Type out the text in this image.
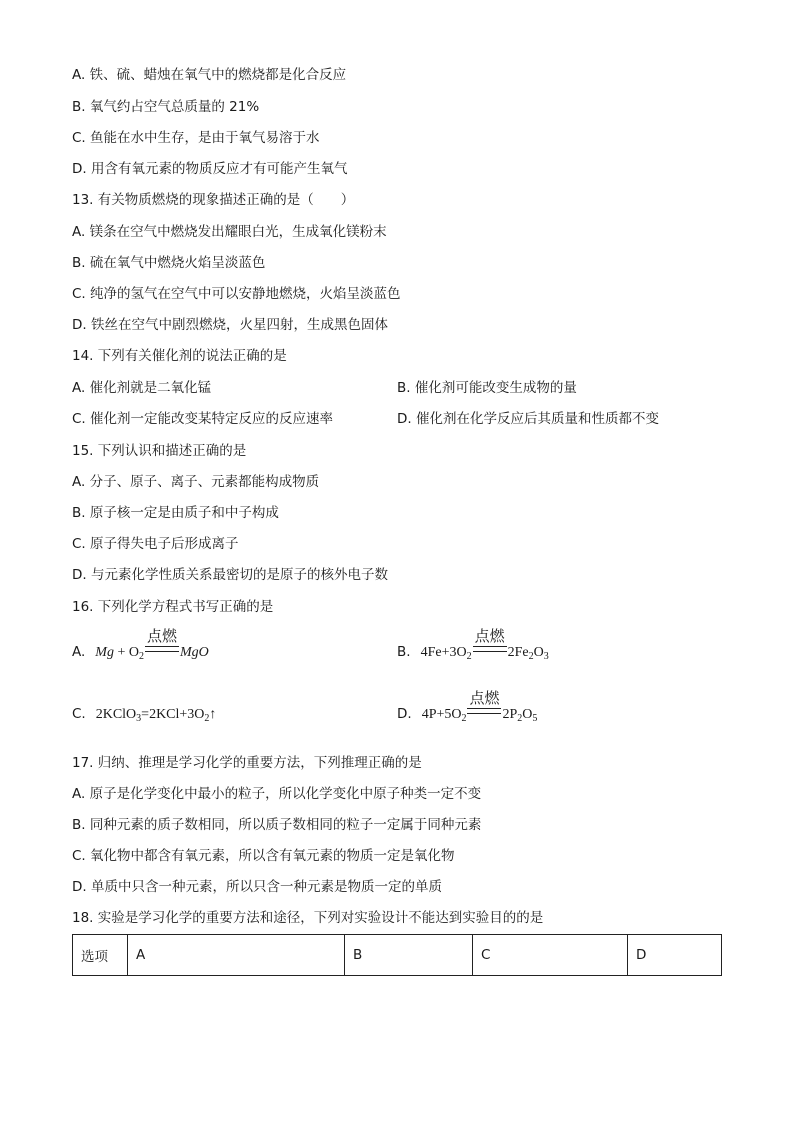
A. 铁、硫、蜡烛在氧气中的燃烧都是化合反应
B. 氧气约占空气总质量的 21%
C. 鱼能在水中生存，是由于氧气易溶于水
D. 用含有氧元素的物质反应才有可能产生氧气
13. 有关物质燃烧的现象描述正确的是（　　）
A. 镁条在空气中燃烧发出耀眼白光，生成氧化镁粉末
B. 硫在氧气中燃烧火焰呈淡蓝色
C. 纯净的氢气在空气中可以安静地燃烧，火焰呈淡蓝色
D. 铁丝在空气中剧烈燃烧，火星四射，生成黑色固体
14. 下列有关催化剂的说法正确的是
A. 催化剂就是二氧化锰	B. 催化剂可能改变生成物的量
C. 催化剂一定能改变某特定反应的反应速率	D. 催化剂在化学反应后其质量和性质都不变
15. 下列认识和描述正确的是
A. 分子、原子、离子、元素都能构成物质
B. 原子核一定是由质子和中子构成
C. 原子得失电子后形成离子
D. 与元素化学性质关系最密切的是原子的核外电子数
16. 下列化学方程式书写正确的是
A. $Mg + O_2$
点燃
MgO	B. $4Fe+3O_2$
点燃
$2Fe_2O_3$
C. $2KClO_3=2KCl+3O_2↑$	D. $4P+5O_2$
点燃
$2P_2O_5$
17. 归纳、推理是学习化学的重要方法，下列推理正确的是
A. 原子是化学变化中最小的粒子，所以化学变化中原子种类一定不变
B. 同种元素的质子数相同，所以质子数相同的粒子一定属于同种元素
C. 氧化物中都含有氧元素，所以含有氧元素的物质一定是氧化物
D. 单质中只含一种元素，所以只含一种元素是物质一定的单质
18. 实验是学习化学的重要方法和途径，下列对实验设计不能达到实验目的的是
选项	A	B	C	D
